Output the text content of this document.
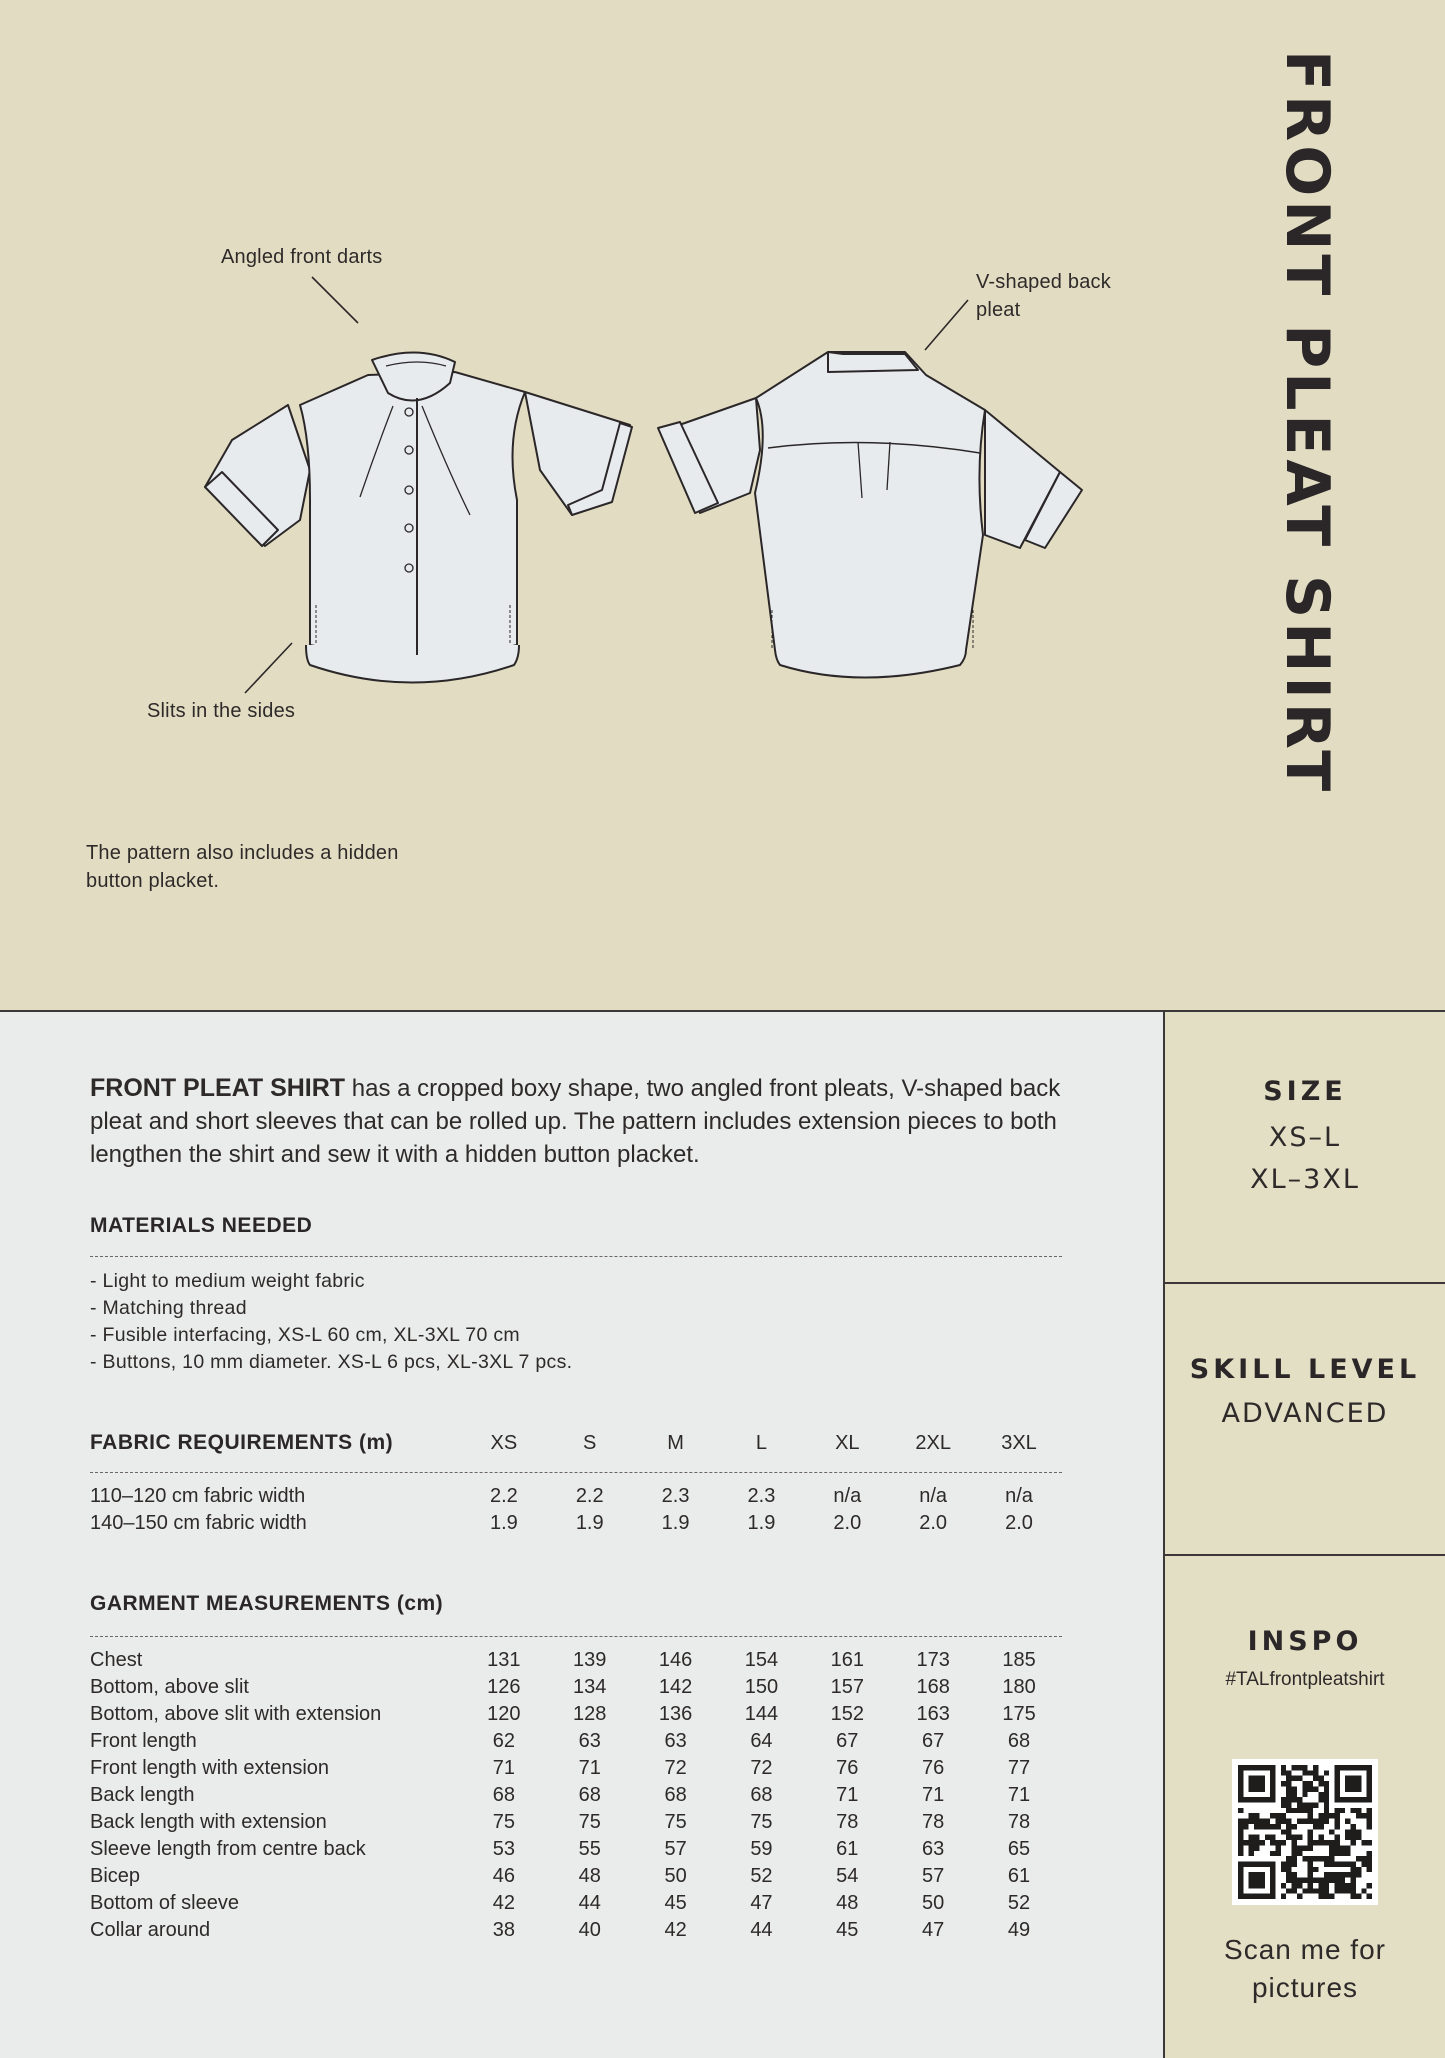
FRONT PLEAT SHIRT
Angled front darts
V-shaped back
pleat
Slits in the sides
The pattern also includes a hidden
button placket.
FRONT PLEAT SHIRT has a cropped boxy shape, two angled front pleats, V-shaped back pleat and short sleeves that can be rolled up. The pattern includes extension pieces to both lengthen the shirt and sew it with a hidden button placket.
MATERIALS NEEDED
- Light to medium weight fabric
- Matching thread
- Fusible interfacing, XS-L 60 cm, XL-3XL 70 cm
- Buttons, 10 mm diameter. XS-L 6 pcs, XL-3XL 7 pcs.
FABRIC REQUIREMENTS (m)	XS	S	M	L	XL	2XL	3XL
110–120 cm fabric width	2.2	2.2	2.3	2.3	n/a	n/a	n/a
140–150 cm fabric width	1.9	1.9	1.9	1.9	2.0	2.0	2.0
GARMENT MEASUREMENTS (cm)
Chest	131	139	146	154	161	173	185
Bottom, above slit	126	134	142	150	157	168	180
Bottom, above slit with extension	120	128	136	144	152	163	175
Front length	62	63	63	64	67	67	68
Front length with extension	71	71	72	72	76	76	77
Back length	68	68	68	68	71	71	71
Back length with extension	75	75	75	75	78	78	78
Sleeve length from centre back	53	55	57	59	61	63	65
Bicep	46	48	50	52	54	57	61
Bottom of sleeve	42	44	45	47	48	50	52
Collar around	38	40	42	44	45	47	49
SIZE
XS–L
XL–3XL
SKILL LEVEL
ADVANCED
INSPO
#TALfrontpleatshirt
Scan me for
pictures
